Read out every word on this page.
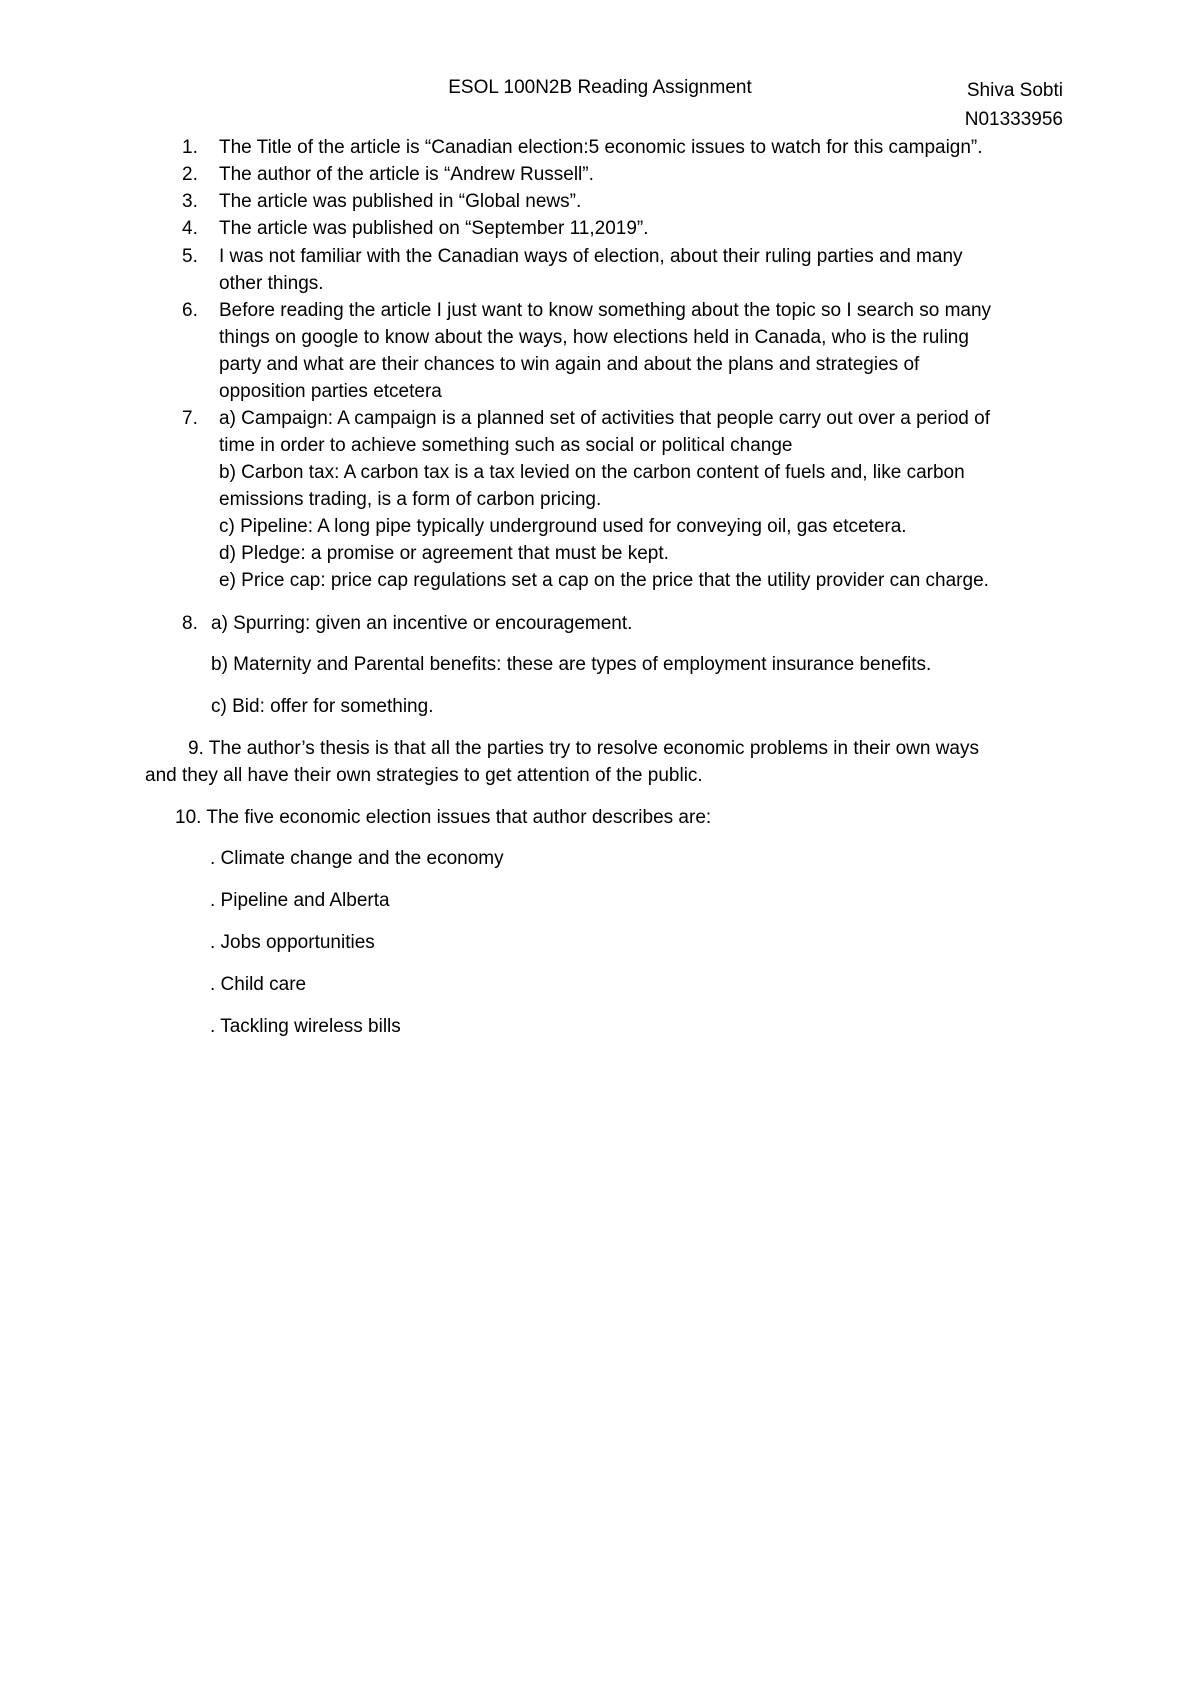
ESOL 100N2B Reading Assignment	Shiva Sobti
N01333956
1. The Title of the article is “Canadian election:5 economic issues to watch for this campaign”.
2. The author of the article is “Andrew Russell”.
3. The article was published in “Global news”.
4. The article was published on “September 11,2019”.
5. I was not familiar with the Canadian ways of election, about their ruling parties and many
other things.
6. Before reading the article I just want to know something about the topic so I search so many
things on google to know about the ways, how elections held in Canada, who is the ruling
party and what are their chances to win again and about the plans and strategies of
opposition parties etcetera
7. a) Campaign: A campaign is a planned set of activities that people carry out over a period of
time in order to achieve something such as social or political change
b) Carbon tax: A carbon tax is a tax levied on the carbon content of fuels and, like carbon
emissions trading, is a form of carbon pricing.
c) Pipeline: A long pipe typically underground used for conveying oil, gas etcetera.
d) Pledge: a promise or agreement that must be kept.
e) Price cap: price cap regulations set a cap on the price that the utility provider can charge.
8. a) Spurring: given an incentive or encouragement.
b) Maternity and Parental benefits: these are types of employment insurance benefits.
c) Bid: offer for something.
9. The author’s thesis is that all the parties try to resolve economic problems in their own ways
and they all have their own strategies to get attention of the public.
10. The five economic election issues that author describes are:
. Climate change and the economy
. Pipeline and Alberta
. Jobs opportunities
. Child care
. Tackling wireless bills
